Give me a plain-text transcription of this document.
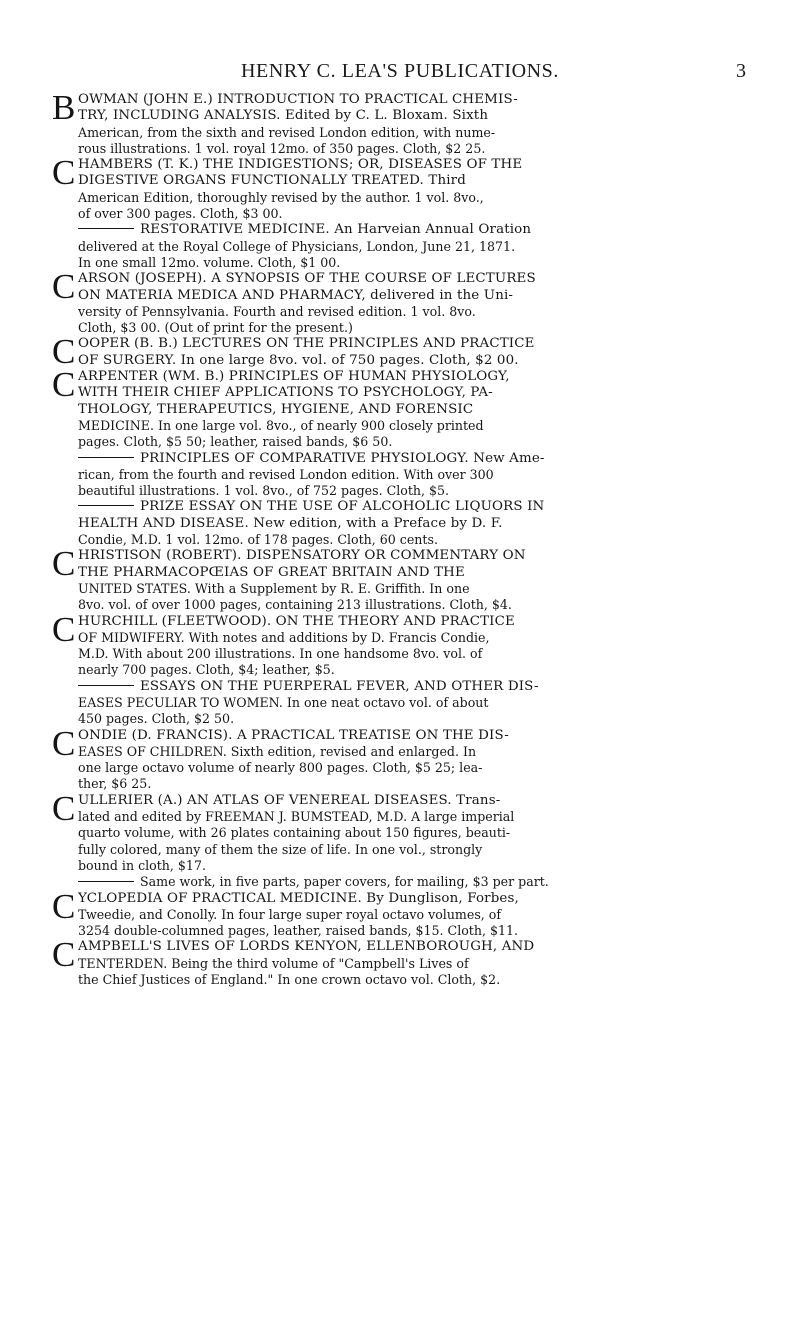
HENRY C. LEA'S PUBLICATIONS.	3
B OWMAN (JOHN E.) INTRODUCTION TO PRACTICAL CHEMIS-
TRY, INCLUDING ANALYSIS. Edited by C. L. Bloxam. Sixth
American, from the sixth and revised London edition, with nume-
rous illustrations. 1 vol. royal 12mo. of 350 pages. Cloth, $2 25.
C HAMBERS (T. K.) THE INDIGESTIONS; OR, DISEASES OF THE
DIGESTIVE ORGANS FUNCTIONALLY TREATED. Third
American Edition, thoroughly revised by the author. 1 vol. 8vo.,
of over 300 pages. Cloth, $3 00.
RESTORATIVE MEDICINE. An Harveian Annual Oration
delivered at the Royal College of Physicians, London, June 21, 1871.
In one small 12mo. volume. Cloth, $1 00.
C ARSON (JOSEPH). A SYNOPSIS OF THE COURSE OF LECTURES
ON MATERIA MEDICA AND PHARMACY, delivered in the Uni-
versity of Pennsylvania. Fourth and revised edition. 1 vol. 8vo.
Cloth, $3 00. (Out of print for the present.)
C OOPER (B. B.) LECTURES ON THE PRINCIPLES AND PRACTICE
OF SURGERY. In one large 8vo. vol. of 750 pages. Cloth, $2 00.
C ARPENTER (WM. B.) PRINCIPLES OF HUMAN PHYSIOLOGY,
WITH THEIR CHIEF APPLICATIONS TO PSYCHOLOGY, PA-
THOLOGY, THERAPEUTICS, HYGIENE, AND FORENSIC
MEDICINE. In one large vol. 8vo., of nearly 900 closely printed
pages. Cloth, $5 50; leather, raised bands, $6 50.
PRINCIPLES OF COMPARATIVE PHYSIOLOGY. New Ame-
rican, from the fourth and revised London edition. With over 300
beautiful illustrations. 1 vol. 8vo., of 752 pages. Cloth, $5.
PRIZE ESSAY ON THE USE OF ALCOHOLIC LIQUORS IN
HEALTH AND DISEASE. New edition, with a Preface by D. F.
Condie, M.D. 1 vol. 12mo. of 178 pages. Cloth, 60 cents.
C HRISTISON (ROBERT). DISPENSATORY OR COMMENTARY ON
THE PHARMACOPŒIAS OF GREAT BRITAIN AND THE
UNITED STATES. With a Supplement by R. E. Griffith. In one
8vo. vol. of over 1000 pages, containing 213 illustrations. Cloth, $4.
C HURCHILL (FLEETWOOD). ON THE THEORY AND PRACTICE
OF MIDWIFERY. With notes and additions by D. Francis Condie,
M.D. With about 200 illustrations. In one handsome 8vo. vol. of
nearly 700 pages. Cloth, $4; leather, $5.
ESSAYS ON THE PUERPERAL FEVER, AND OTHER DIS-
EASES PECULIAR TO WOMEN. In one neat octavo vol. of about
450 pages. Cloth, $2 50.
C ONDIE (D. FRANCIS). A PRACTICAL TREATISE ON THE DIS-
EASES OF CHILDREN. Sixth edition, revised and enlarged. In
one large octavo volume of nearly 800 pages. Cloth, $5 25; lea-
ther, $6 25.
C ULLERIER (A.) AN ATLAS OF VENEREAL DISEASES. Trans-
lated and edited by FREEMAN J. BUMSTEAD, M.D. A large imperial
quarto volume, with 26 plates containing about 150 figures, beauti-
fully colored, many of them the size of life. In one vol., strongly
bound in cloth, $17.
Same work, in five parts, paper covers, for mailing, $3 per part.
C YCLOPEDIA OF PRACTICAL MEDICINE. By Dunglison, Forbes,
Tweedie, and Conolly. In four large super royal octavo volumes, of
3254 double-columned pages, leather, raised bands, $15. Cloth, $11.
C AMPBELL'S LIVES OF LORDS KENYON, ELLENBOROUGH, AND
TENTERDEN. Being the third volume of "Campbell's Lives of
the Chief Justices of England." In one crown octavo vol. Cloth, $2.
